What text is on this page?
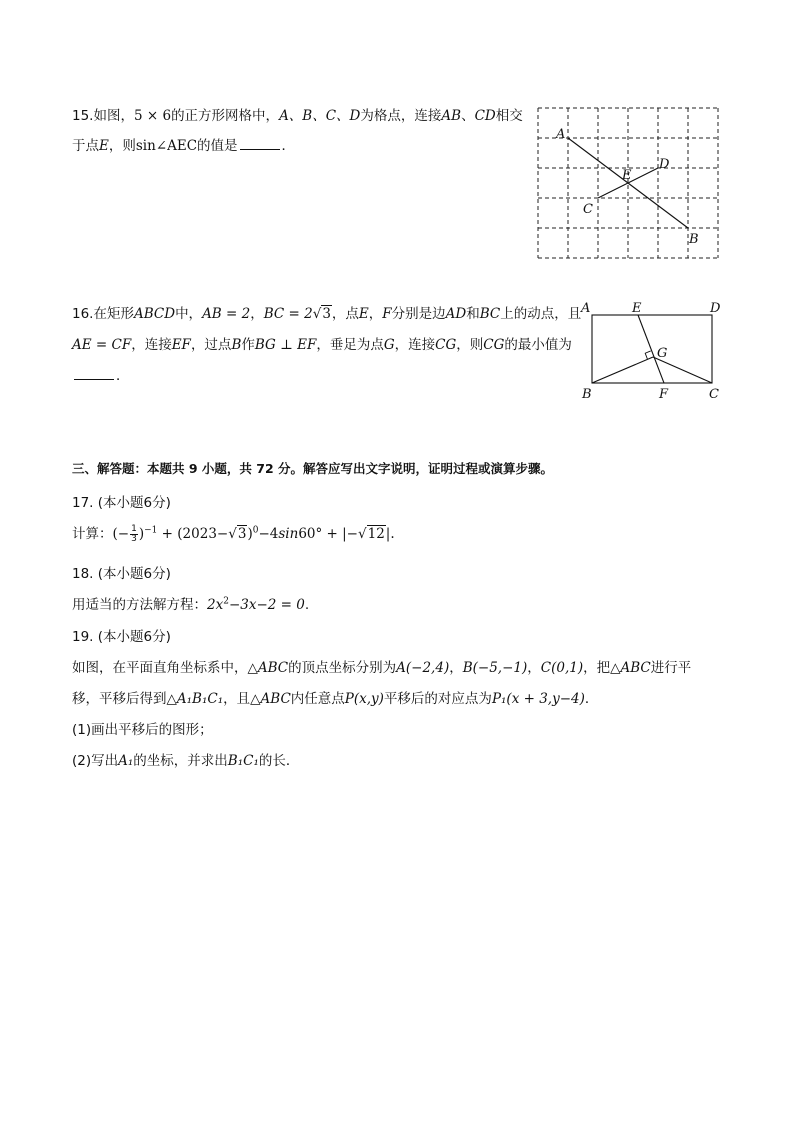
15.如图，5 × 6的正方形网格中，A、B、C、D为格点，连接AB、CD相交
于点E，则sin∠AEC的值是	．
A
B
C
D
E
16.在矩形ABCD中，AB = 2，BC = 2√3，点E，F分别是边AD和BC上的动点，且
AE = CF，连接EF，过点B作BG ⊥ EF，垂足为点G，连接CG，则CG的最小值为
．
A	E	D
G
B	F	C
三、解答题：本题共 9 小题，共 72 分。解答应写出文字说明，证明过程或演算步骤。
17. (本小题6分)
计算：(− $\frac{1}{3} )^{-1} + (2023-√3)^0-4\sin 60^\circ + |-√12|$.
18. (本小题6分)
用适当的方法解方程：$2x^2-3x-2 = 0$.
19. (本小题6分)
如图，在平面直角坐标系中，△ABC的顶点坐标分别为A(−2,4)，B(−5,−1)，C(0,1)，把△ABC进行平
移，平移后得到△A₁B₁C₁，且△ABC内任意点P(x,y)平移后的对应点为P₁(x + 3,y−4)．
(1)画出平移后的图形；
(2)写出A₁的坐标，并求出B₁C₁的长．
